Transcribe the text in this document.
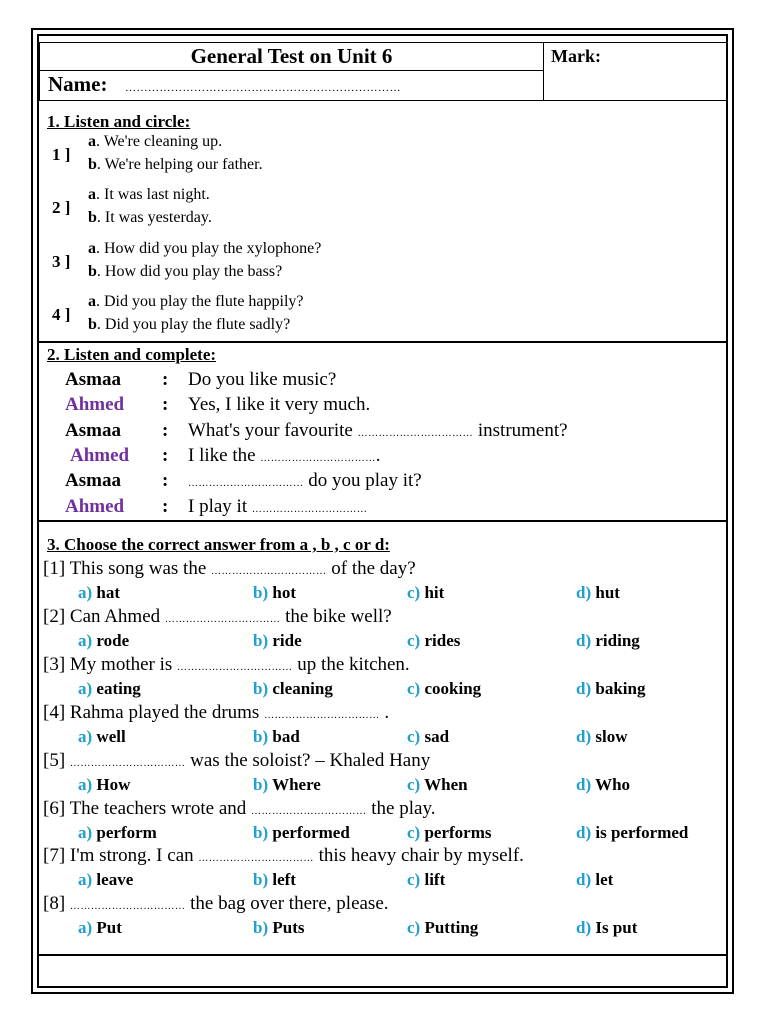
General Test on Unit 6
Name: ………………………………………………………………
Mark:
1. Listen and circle:
1 ]
a. We're cleaning up.
b. We're helping our father.
2 ]
a. It was last night.
b. It was yesterday.
3 ]
a. How did you play the xylophone?
b. How did you play the bass?
4 ]
a. Did you play the flute happily?
b. Did you play the flute sadly?
2. Listen and complete:
Asmaa : Do you like music?
Ahmed : Yes, I like it very much.
Asmaa : What's your favourite …………………………… instrument?
Ahmed : I like the …………………………….
Asmaa : …………………………… do you play it?
Ahmed : I play it ……………………………
3. Choose the correct answer from a , b , c or d:
[1] This song was the …………………………… of the day?
a) hat	b) hot	c) hit	d) hut
[2] Can Ahmed …………………………… the bike well?
a) rode	b) ride	c) rides	d) riding
[3] My mother is …………………………… up the kitchen.
a) eating	b) cleaning	c) cooking	d) baking
[4] Rahma played the drums …………………………… .
a) well	b) bad	c) sad	d) slow
[5] …………………………… was the soloist? – Khaled Hany
a) How	b) Where	c) When	d) Who
[6] The teachers wrote and …………………………… the play.
a) perform	b) performed	c) performs	d) is performed
[7] I'm strong. I can …………………………… this heavy chair by myself.
a) leave	b) left	c) lift	d) let
[8] …………………………… the bag over there, please.
a) Put	b) Puts	c) Putting	d) Is put
